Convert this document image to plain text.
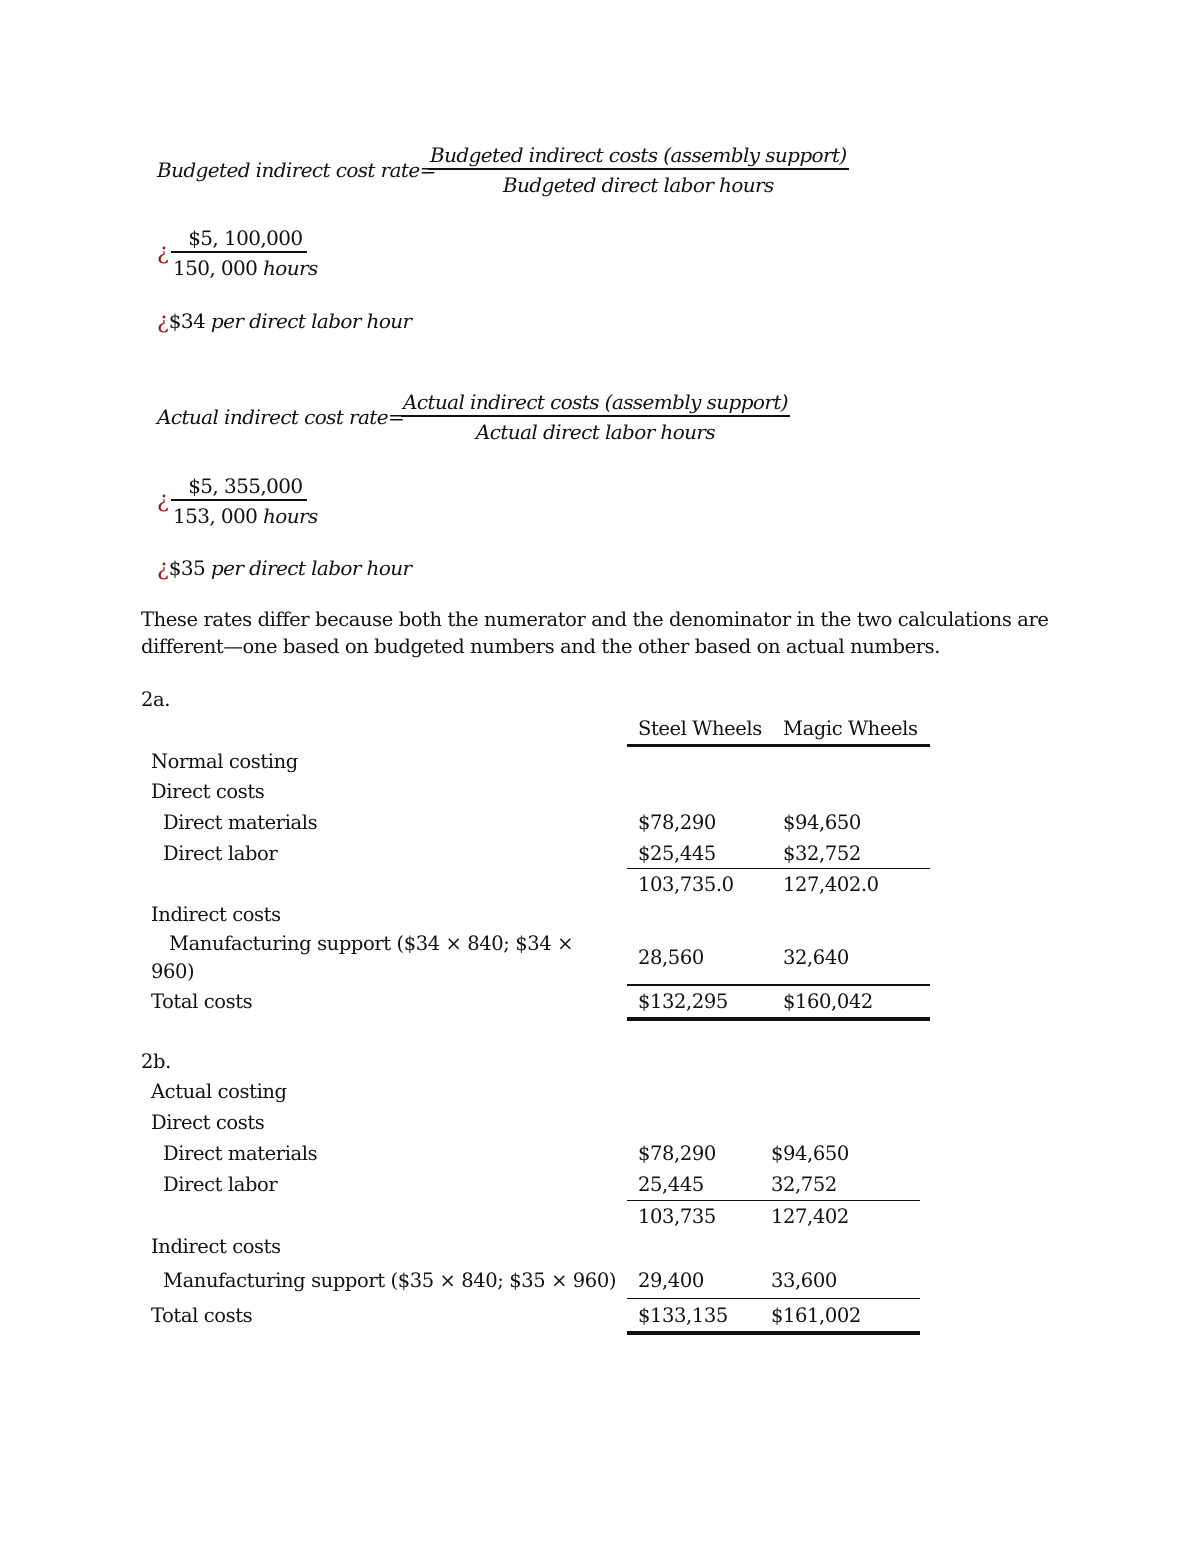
Budgeted indirect cost rate=
Budgeted indirect costs (assembly support)
Budgeted direct labor hours
¿
$5, 100,000
150, 000 hours
¿$34 per direct labor hour
Actual indirect cost rate=
Actual indirect costs (assembly support)
Actual direct labor hours
¿
$5, 355,000
153, 000 hours
¿$35 per direct labor hour
These rates differ because both the numerator and the denominator in the two calculations are
different—one based on budgeted numbers and the other based on actual numbers.
2a.
Steel Wheels Magic Wheels
Normal costing
Direct costs
Direct materials	$78,290	$94,650
Direct labor	$25,445	$32,752
103,735.0	127,402.0
Indirect costs
Manufacturing support ($34 × 840; $34 ×
960)
28,560	32,640
Total costs	$132,295	$160,042
2b.
Actual costing
Direct costs
Direct materials	$78,290	$94,650
Direct labor	25,445	32,752
103,735	127,402
Indirect costs
Manufacturing support ($35 × 840; $35 × 960) 29,400	33,600
Total costs	$133,135 $161,002
